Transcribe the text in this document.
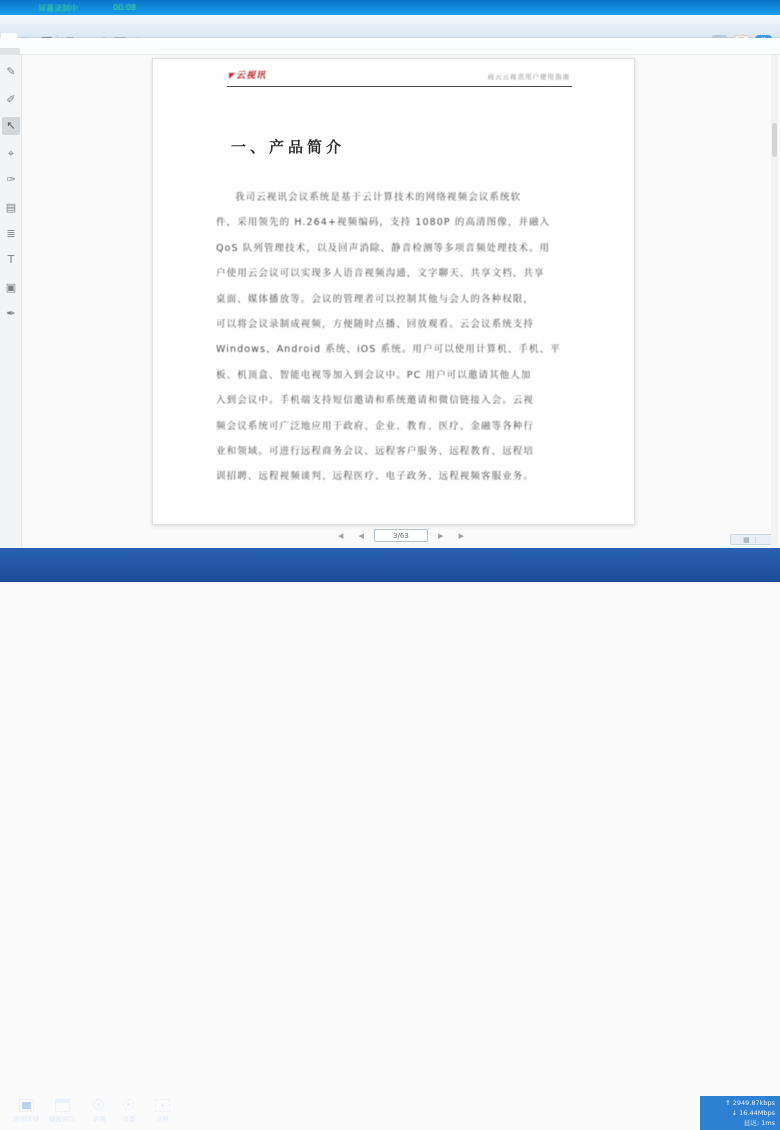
屏幕录制中	00:08
✎
✐
↖
⌖
✑
▤
≣
T
▣
✒
◤云视讯	商云云视讯用户使用指南
一、产品简介

我司云视讯会议系统是基于云计算技术的网络视频会议系统软

件，采用领先的 H.264+视频编码，支持 1080P 的高清图像，并融入

QoS 队列管理技术，以及回声消除、静音检测等多项音频处理技术。用

户使用云会议可以实现多人语音视频沟通，文字聊天、共享文档、共享

桌面、媒体播放等。会议的管理者可以控制其他与会人的各种权限，

可以将会议录制成视频，方便随时点播、回放观看。云会议系统支持

Windows、Android 系统、iOS 系统。用户可以使用计算机、手机、平

板、机顶盒、智能电视等加入到会议中。PC 用户可以邀请其他人加

入到会议中。手机端支持短信邀请和系统邀请和微信链接入会。云视

频会议系统可广泛地应用于政府、企业、教育、医疗、金融等各种行

业和领域。可进行远程商务会议、远程客户服务、远程教育、远程培

训招聘、远程视频谈判、远程医疗、电子政务、远程视频客服业务。

◀ ◀	3/63	▶ ▶
▦ ⋮
矩形区域	捕捉窗口	录制	设置	全屏
↑ 2949.87kbps
↓ 16.44Mbps
延迟: 1ms
